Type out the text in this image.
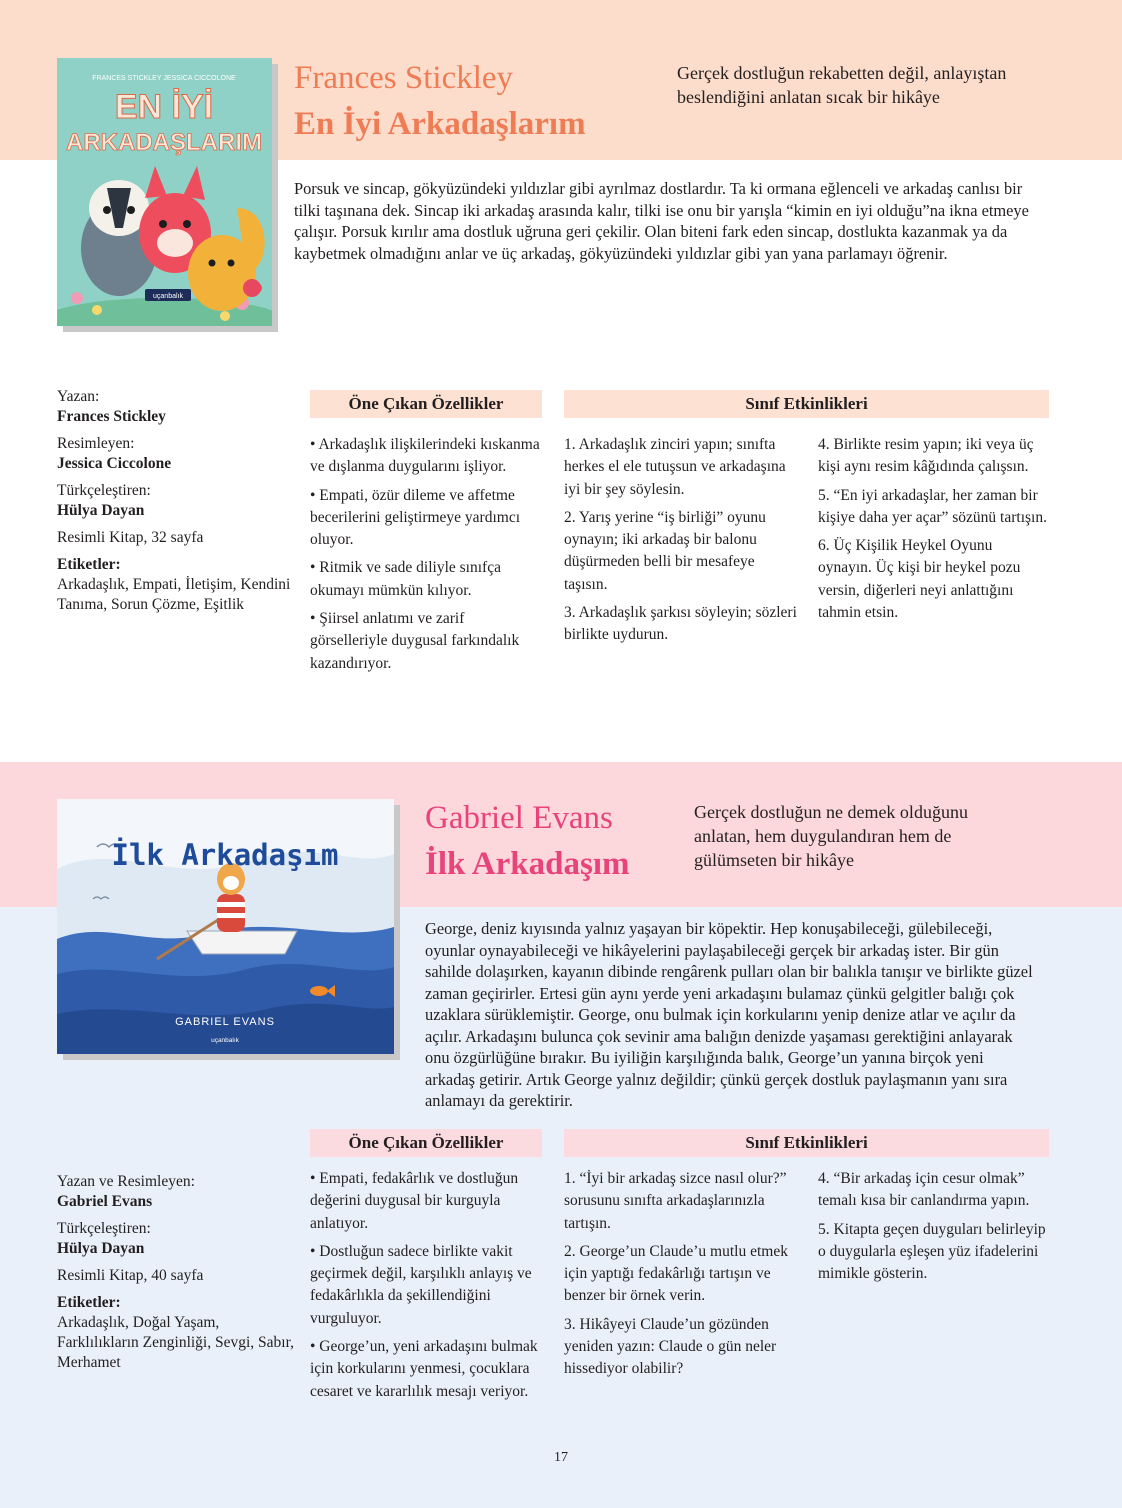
uçanbalık
FRANCES STICKLEY JESSICA CICCOLONE
EN İYİ
ARKADAŞLARIM
Frances Stickley
En İyi Arkadaşlarım
Gerçek dostluğun rekabetten değil, anlayıştan beslendiğini anlatan sıcak bir hikâye
Porsuk ve sincap, gökyüzündeki yıldızlar gibi ayrılmaz dostlardır. Ta ki ormana eğlenceli ve arkadaş canlısı bir tilki taşınana dek. Sincap iki arkadaş arasında kalır, tilki ise onu bir yarışla “kimin en iyi olduğu”na ikna etmeye çalışır. Porsuk kırılır ama dostluk uğruna geri çekilir. Olan biteni fark eden sincap, dostlukta kazanmak ya da kaybetmek olmadığını anlar ve üç arkadaş, gökyüzündeki yıldızlar gibi yan yana parlamayı öğrenir.
Yazan:
Frances Stickley
Resimleyen:
Jessica Ciccolone
Türkçeleştiren:
Hülya Dayan
Resimli Kitap, 32 sayfa
Etiketler:
Arkadaşlık, Empati, İletişim, Kendini Tanıma, Sorun Çözme, Eşitlik
Öne Çıkan Özellikler	Sınıf Etkinlikleri

• Arkadaşlık ilişkilerindeki kıskanma ve dışlanma duygularını işliyor.

• Empati, özür dileme ve affetme becerilerini geliştirmeye yardımcı oluyor.

• Ritmik ve sade diliyle sınıfça okumayı mümkün kılıyor.

• Şiirsel anlatımı ve zarif görselleriyle duygusal farkındalık kazandırıyor.

1. Arkadaşlık zinciri yapın; sınıfta herkes el ele tutuşsun ve arkadaşına iyi bir şey söylesin.

2. Yarış yerine “iş birliği” oyunu oynayın; iki arkadaş bir balonu düşürmeden belli bir mesafeye taşısın.

3. Arkadaşlık şarkısı söyleyin; sözleri birlikte uydurun.

4. Birlikte resim yapın; iki veya üç kişi aynı resim kâğıdında çalışsın.

5. “En iyi arkadaşlar, her zaman bir kişiye daha yer açar” sözünü tartışın.

6. Üç Kişilik Heykel Oyunu oynayın. Üç kişi bir heykel pozu versin, diğerleri neyi anlattığını tahmin etsin.

İlk Arkadaşım
GABRIEL EVANS
uçanbalık
Gabriel Evans
İlk Arkadaşım
Gerçek dostluğun ne demek olduğunu anlatan, hem duygulandıran hem de gülümseten bir hikâye
George, deniz kıyısında yalnız yaşayan bir köpektir. Hep konuşabileceği, gülebileceği, oyunlar oynayabileceği ve hikâyelerini paylaşabileceği gerçek bir arkadaş ister. Bir gün sahilde dolaşırken, kayanın dibinde rengârenk pulları olan bir balıkla tanışır ve birlikte güzel zaman geçirirler. Ertesi gün aynı yerde yeni arkadaşını bulamaz çünkü gelgitler balığı çok uzaklara sürüklemiştir. George, onu bulmak için korkularını yenip denize atlar ve açılır da açılır. Arkadaşını bulunca çok sevinir ama balığın denizde yaşaması gerektiğini anlayarak onu özgürlüğüne bırakır. Bu iyiliğin karşılığında balık, George’un yanına birçok yeni arkadaş getirir. Artık George yalnız değildir; çünkü gerçek dostluk paylaşmanın yanı sıra anlamayı da gerektirir.
Yazan ve Resimleyen:
Gabriel Evans
Türkçeleştiren:
Hülya Dayan
Resimli Kitap, 40 sayfa
Etiketler:
Arkadaşlık, Doğal Yaşam, Farklılıkların Zenginliği, Sevgi, Sabır, Merhamet
Öne Çıkan Özellikler	Sınıf Etkinlikleri

• Empati, fedakârlık ve dostluğun değerini duygusal bir kurguyla anlatıyor.

• Dostluğun sadece birlikte vakit geçirmek değil, karşılıklı anlayış ve fedakârlıkla da şekillendiğini vurguluyor.

• George’un, yeni arkadaşını bulmak için korkularını yenmesi, çocuklara cesaret ve kararlılık mesajı veriyor.

1. “İyi bir arkadaş sizce nasıl olur?” sorusunu sınıfta arkadaşlarınızla tartışın.

2. George’un Claude’u mutlu etmek için yaptığı fedakârlığı tartışın ve benzer bir örnek verin.

3. Hikâyeyi Claude’un gözünden yeniden yazın: Claude o gün neler hissediyor olabilir?

4. “Bir arkadaş için cesur olmak” temalı kısa bir canlandırma yapın.

5. Kitapta geçen duyguları belirleyip o duygularla eşleşen yüz ifadelerini mimikle gösterin.

17
